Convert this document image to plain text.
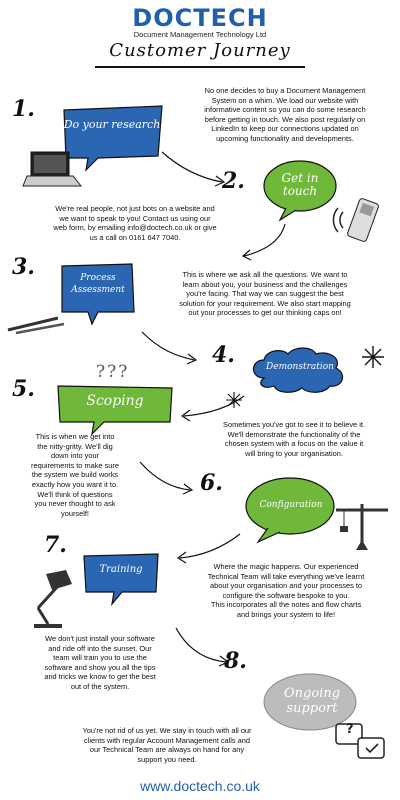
DOCTECH
Document Management Technology Ltd
Customer Journey
1.
Do your research
No one decides to buy a Document Management
System on a whim. We load our website with
informative content so you can do some research
before getting in touch. We also post regularly on
LinkedIn to keep our connections updated on
upcoming functionality and developments.
2.	Get in touch
We're real people, not just bots on a website and
we want to speak to you! Contact us using our
web form, by emailing info@doctech.co.uk or give
us a call on 0161 647 7040.
3.	Process Assessment
This is where we ask all the questions. We want to
learn about you, your business and the challenges
you're facing. That way we can suggest the best
solution for your requirement. We also start mapping
out your processes to get our thinking caps on!
4.	Demonstration
Sometimes you've got to see it to believe it.
We'll demonstrate the functionality of the
chosen system with a focus on the value it
will bring to your organisation.
5.
???
Scoping
This is when we get into
the nitty-gritty. We'll dig
down into your
requirements to make sure
the system we build works
exactly how you want it to.
We'll think of questions
you never thought to ask
yourself!
6.
Configuration
Where the magic happens. Our experienced
Technical Team will take everything we've learnt
about your organisation and your processes to
configure the software bespoke to you.
This incorporates all the notes and flow charts
and brings your system to life!
7.
Training
We don't just install your software
and ride off into the sunset. Our
team will train you to use the
software and show you all the tips
and tricks we know to get the best
out of the system.
8.
Ongoing support
?
You're not rid of us yet. We stay in touch with all our
clients with regular Account Management calls and
our Technical Team are always on hand for any
support you need.
www.doctech.co.uk
